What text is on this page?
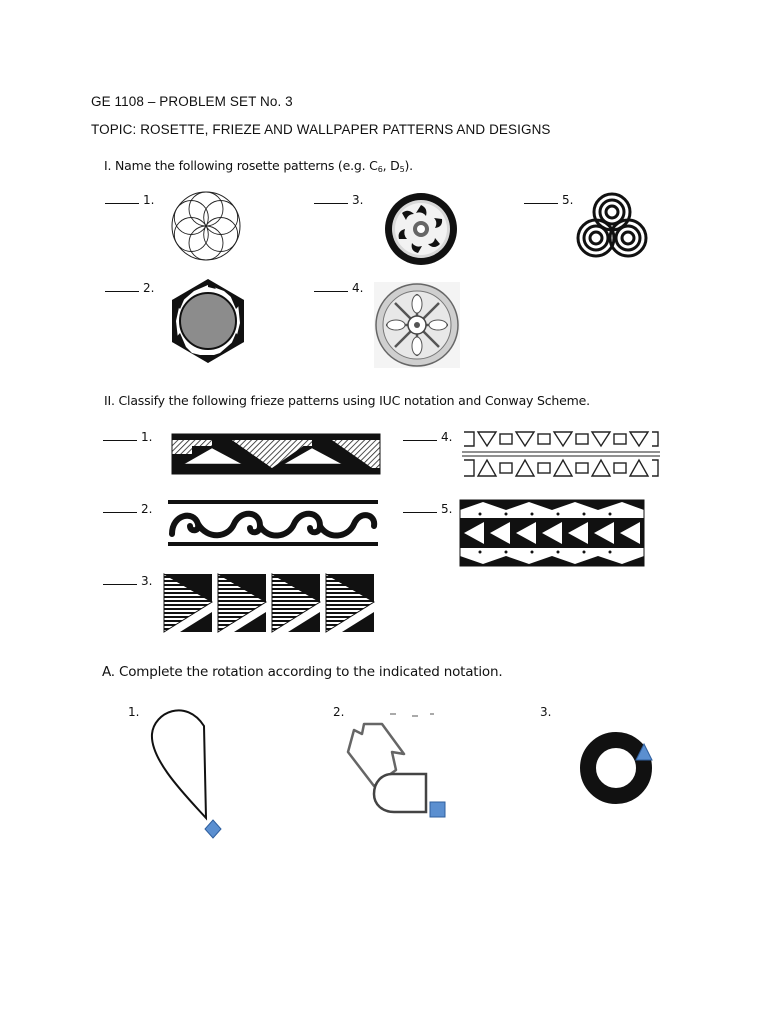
GE 1108 – PROBLEM SET No. 3
TOPIC: ROSETTE, FRIEZE AND WALLPAPER PATTERNS AND DESIGNS
I. Name the following rosette patterns (e.g. $C_6$, $D_5$).
1.
2.
3.
4.
5.
II. Classify the following frieze patterns using IUC notation and Conway Scheme.
1.
2.
3.
4.
5.
A. Complete the rotation according to the indicated notation.
1.	2.	3.
